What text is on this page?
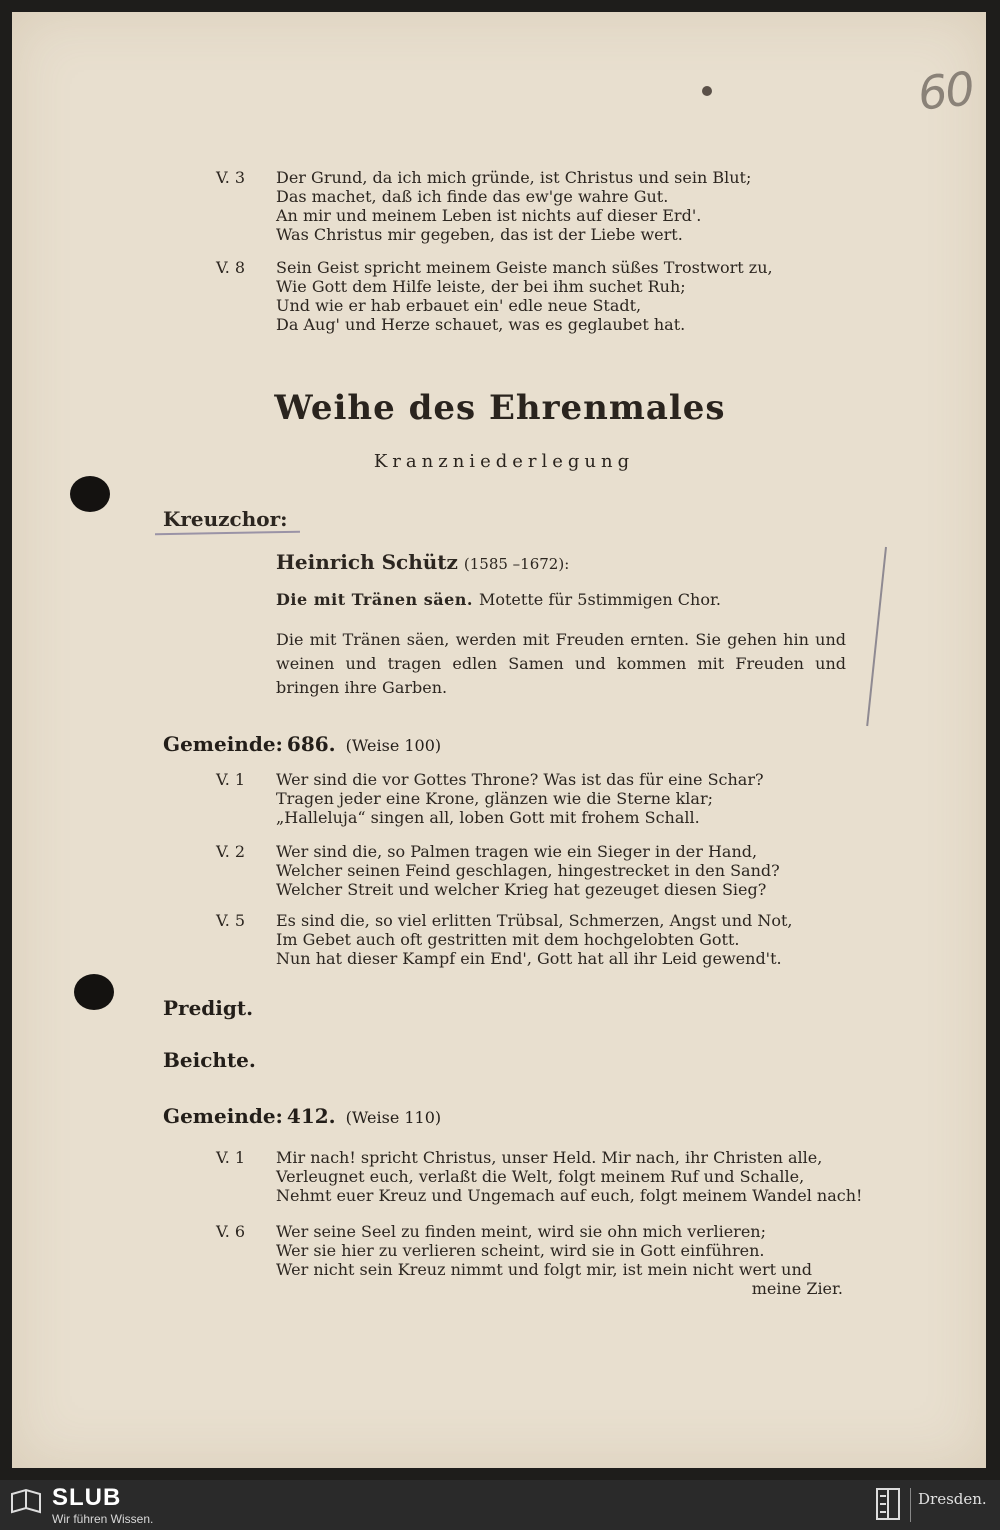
60
V. 3	Der Grund, da ich mich gründe, ist Christus und sein Blut;
Das machet, daß ich finde das ew'ge wahre Gut.
An mir und meinem Leben ist nichts auf dieser Erd'.
Was Christus mir gegeben, das ist der Liebe wert.
V. 8	Sein Geist spricht meinem Geiste manch süßes Trostwort zu,
Wie Gott dem Hilfe leiste, der bei ihm suchet Ruh;
Und wie er hab erbauet ein' edle neue Stadt,
Da Aug' und Herze schauet, was es geglaubet hat.
Weihe des Ehrenmales
Kranzniederlegung
Kreuzchor:
Heinrich Schütz (1585 –1672):
Die mit Tränen säen. Motette für 5stimmigen Chor.
Die mit Tränen säen, werden mit Freuden ernten. Sie gehen hin und weinen und tragen edlen Samen und kommen mit Freuden und bringen ihre Garben.
Gemeinde: 686. (Weise 100)
V. 1	Wer sind die vor Gottes Throne? Was ist das für eine Schar?
Tragen jeder eine Krone, glänzen wie die Sterne klar;
„Halleluja“ singen all, loben Gott mit frohem Schall.
V. 2	Wer sind die, so Palmen tragen wie ein Sieger in der Hand,
Welcher seinen Feind geschlagen, hingestrecket in den Sand?
Welcher Streit und welcher Krieg hat gezeuget diesen Sieg?
V. 5	Es sind die, so viel erlitten Trübsal, Schmerzen, Angst und Not,
Im Gebet auch oft gestritten mit dem hochgelobten Gott.
Nun hat dieser Kampf ein End', Gott hat all ihr Leid gewend't.
Predigt.
Beichte.
Gemeinde: 412. (Weise 110)
V. 1	Mir nach! spricht Christus, unser Held. Mir nach, ihr Christen alle,
Verleugnet euch, verlaßt die Welt, folgt meinem Ruf und Schalle,
Nehmt euer Kreuz und Ungemach auf euch, folgt meinem Wandel nach!
V. 6	Wer seine Seel zu finden meint, wird sie ohn mich verlieren;
Wer sie hier zu verlieren scheint, wird sie in Gott einführen.
Wer nicht sein Kreuz nimmt und folgt mir, ist mein nicht wert und
meine Zier.
SLUB
Wir führen Wissen.
Dresden.
